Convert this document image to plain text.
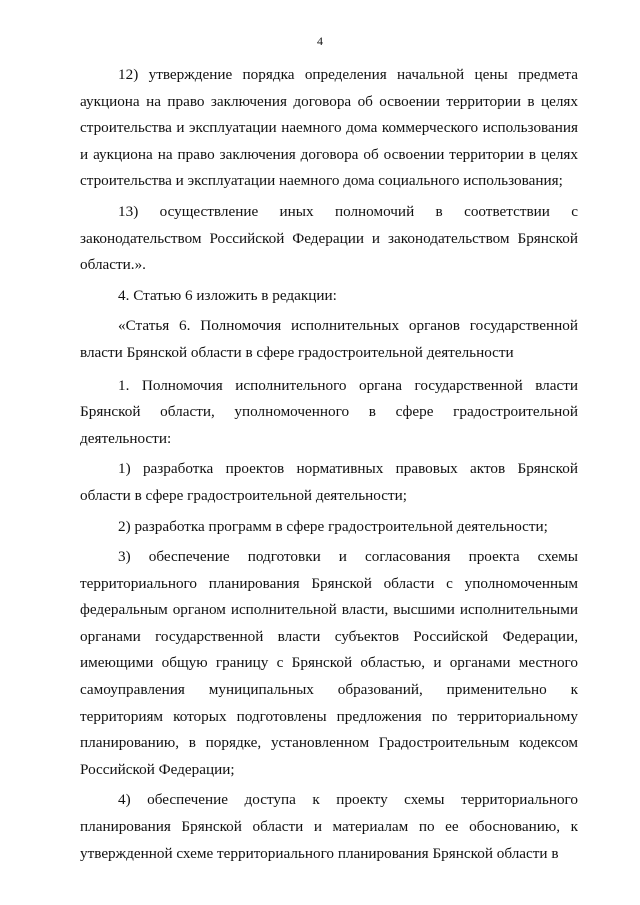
4

12) утверждение порядка определения начальной цены предмета аукциона на право заключения договора об освоении территории в целях строительства и эксплуатации наемного дома коммерческого использования и аукциона на право заключения договора об освоении территории в целях строительства и эксплуатации наемного дома социального использования;

13) осуществление иных полномочий в соответствии с законодательством Российской Федерации и законодательством Брянской области.».

4. Статью 6 изложить в редакции:

«Статья 6. Полномочия исполнительных органов государственной власти Брянской области в сфере градостроительной деятельности

1. Полномочия исполнительного органа государственной власти Брянской области, уполномоченного в сфере градостроительной деятельности:

1) разработка проектов нормативных правовых актов Брянской области в сфере градостроительной деятельности;

2) разработка программ в сфере градостроительной деятельности;

3) обеспечение подготовки и согласования проекта схемы территориального планирования Брянской области с уполномоченным федеральным органом исполнительной власти, высшими исполнительными органами государственной власти субъектов Российской Федерации, имеющими общую границу с Брянской областью, и органами местного самоуправления муниципальных образований, применительно к территориям которых подготовлены предложения по территориальному планированию, в порядке, установленном Градостроительным кодексом Российской Федерации;

4) обеспечение доступа к проекту схемы территориального планирования Брянской области и материалам по ее обоснованию, к утвержденной схеме территориального планирования Брянской области в
